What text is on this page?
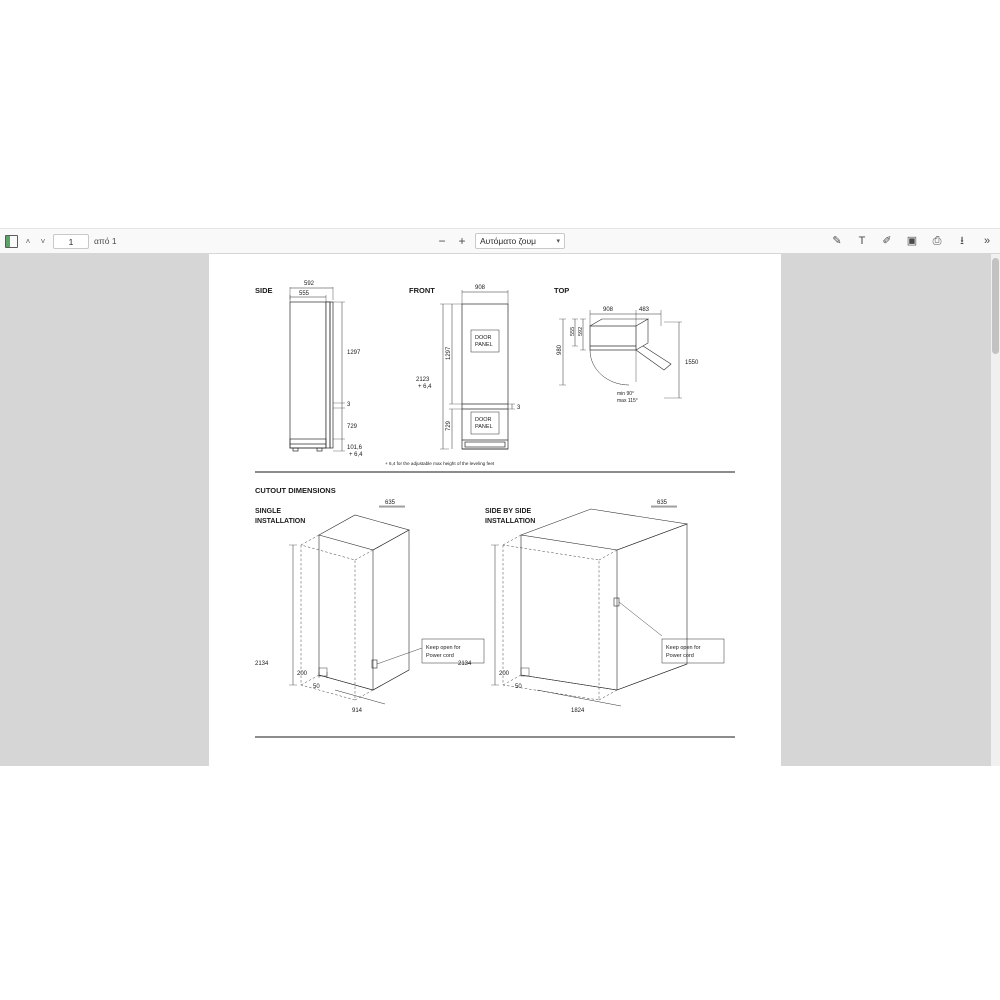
˄	˅	1	από 1	− +	Αυτόματο ζουμ	▾	✎	T	✐ ▣ ⎙	⭳	»
SIDE
592
555
1297
3
729
101,6
+ 6,4
FRONT	908
DOOR
PANEL
DOOR
PANEL
1297
2123
+ 6,4
729
3
+ 6,4 for the adjustable max height of the leveling feet
TOP
908	483
1550
592
555
980
min 90°
max 115°
CUTOUT DIMENSIONS
SINGLE
INSTALLATION
635
Keep open for
Power cord
2134
200
50
914
SIDE BY SIDE
INSTALLATION
635
Keep open for
Power cord
2134
200
50
1824
